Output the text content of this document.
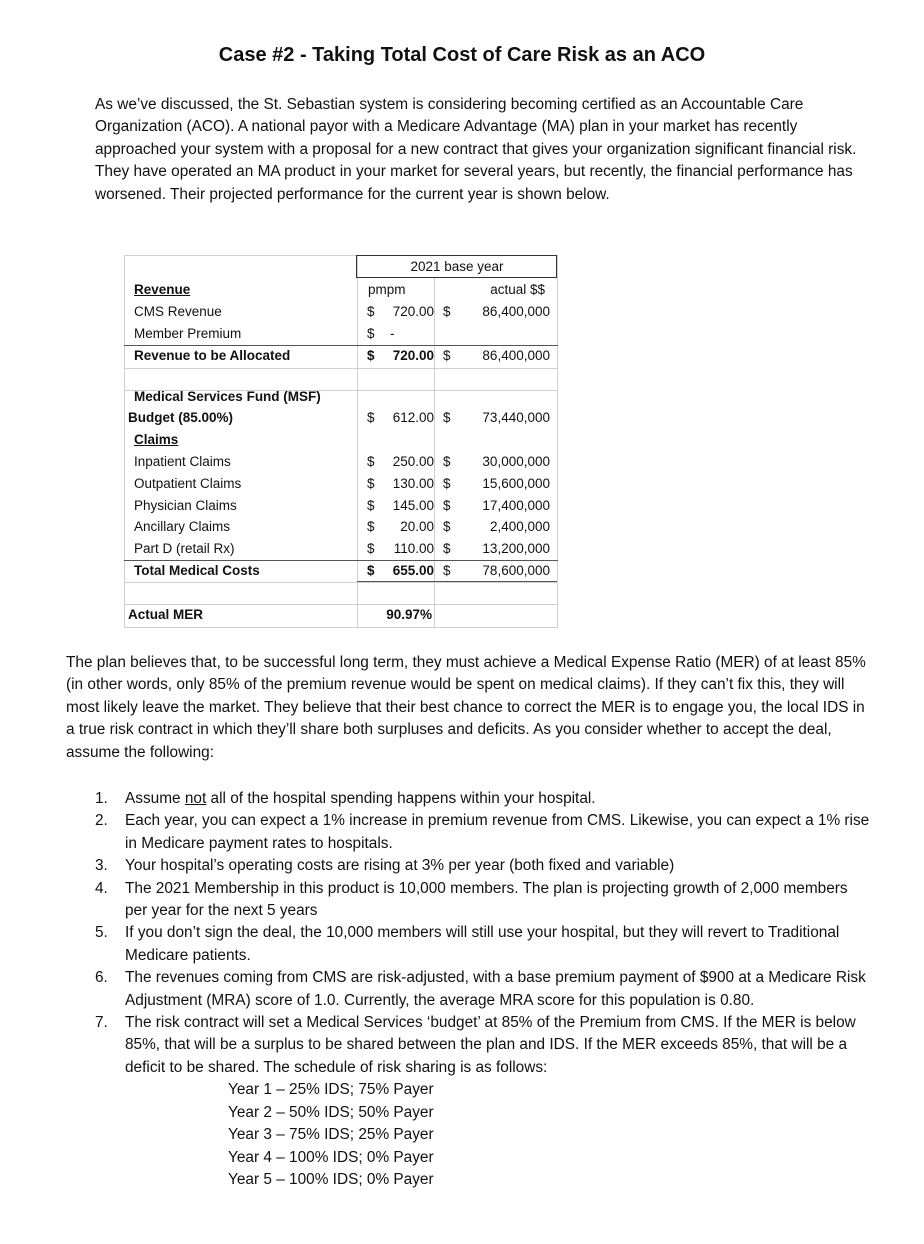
Case #2 - Taking Total Cost of Care Risk as an ACO

As we’ve discussed, the St. Sebastian system is considering becoming certified as an Accountable Care Organization (ACO). A national payor with a Medicare Advantage (MA) plan in your market has recently approached your system with a proposal for a new contract that gives your organization significant financial risk. They have operated an MA product in your market for several years, but recently, the financial performance has worsened. Their projected performance for the current year is shown below.

2021 base year
pmpm	actual $$
Revenue
CMS Revenue	$	720.00 $	86,400,000
Member Premium	$ -
Revenue to be Allocated	$	720.00 $	86,400,000
Medical Services Fund (MSF)
Budget (85.00%)	$	612.00 $	73,440,000
Claims
Inpatient Claims	$	250.00 $	30,000,000
Outpatient Claims	$	130.00 $	15,600,000
Physician Claims	$	145.00 $	17,400,000
Ancillary Claims	$	20.00 $	2,400,000
Part D (retail Rx)	$	110.00 $	13,200,000
Total Medical Costs	$	655.00 $	78,600,000
Actual MER	90.97%

The plan believes that, to be successful long term, they must achieve a Medical Expense Ratio (MER) of at least 85% (in other words, only 85% of the premium revenue would be spent on medical claims). If they can’t fix this, they will most likely leave the market. They believe that their best chance to correct the MER is to engage you, the local IDS in a true risk contract in which they’ll share both surpluses and deficits. As you consider whether to accept the deal, assume the following:

1. Assume not all of the hospital spending happens within your hospital.
2. Each year, you can expect a 1% increase in premium revenue from CMS. Likewise, you can expect a 1% rise in Medicare payment rates to hospitals.
3. Your hospital’s operating costs are rising at 3% per year (both fixed and variable)
4. The 2021 Membership in this product is 10,000 members. The plan is projecting growth of 2,000 members per year for the next 5 years
5. If you don’t sign the deal, the 10,000 members will still use your hospital, but they will revert to Traditional Medicare patients.
6. The revenues coming from CMS are risk-adjusted, with a base premium payment of $900 at a Medicare Risk Adjustment (MRA) score of 1.0. Currently, the average MRA score for this population is 0.80.
7. The risk contract will set a Medical Services ‘budget’ at 85% of the Premium from CMS. If the MER is below 85%, that will be a surplus to be shared between the plan and IDS. If the MER exceeds 85%, that will be a deficit to be shared. The schedule of risk sharing is as follows:
Year 1 – 25% IDS; 75% Payer
Year 2 – 50% IDS; 50% Payer
Year 3 – 75% IDS; 25% Payer
Year 4 – 100% IDS; 0% Payer
Year 5 – 100% IDS; 0% Payer
